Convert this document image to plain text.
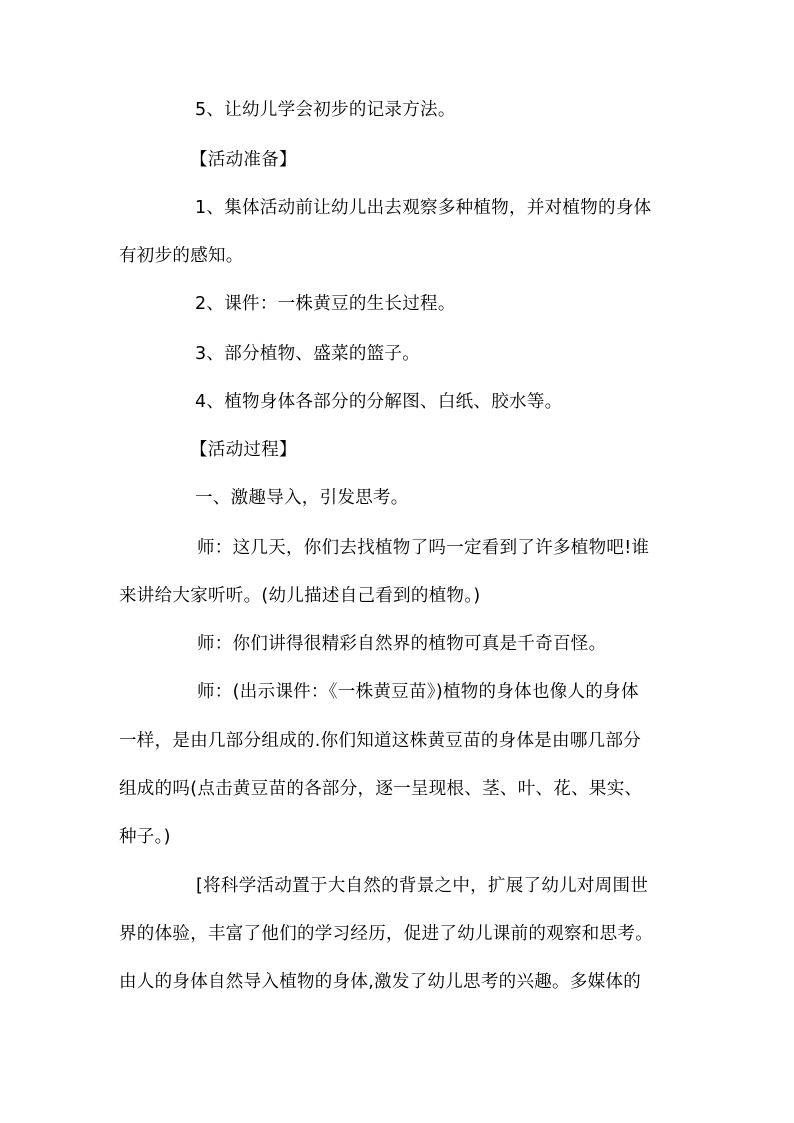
5、让幼儿学会初步的记录方法。
【活动准备】
1、集体活动前让幼儿出去观察多种植物，并对植物的身体
有初步的感知。
2、课件：一株黄豆的生长过程。
3、部分植物、盛菜的篮子。
4、植物身体各部分的分解图、白纸、胶水等。
【活动过程】
一、激趣导入，引发思考。
师：这几天，你们去找植物了吗一定看到了许多植物吧!谁
来讲给大家听听。(幼儿描述自己看到的植物。)
师：你们讲得很精彩自然界的植物可真是千奇百怪。
师：(出示课件：《一株黄豆苗》)植物的身体也像人的身体
一样，是由几部分组成的.你们知道这株黄豆苗的身体是由哪几部分
组成的吗(点击黄豆苗的各部分，逐一呈现根、茎、叶、花、果实、
种子。)
[将科学活动置于大自然的背景之中，扩展了幼儿对周围世
界的体验，丰富了他们的学习经历，促进了幼儿课前的观察和思考。
由人的身体自然导入植物的身体,激发了幼儿思考的兴趣。多媒体的
